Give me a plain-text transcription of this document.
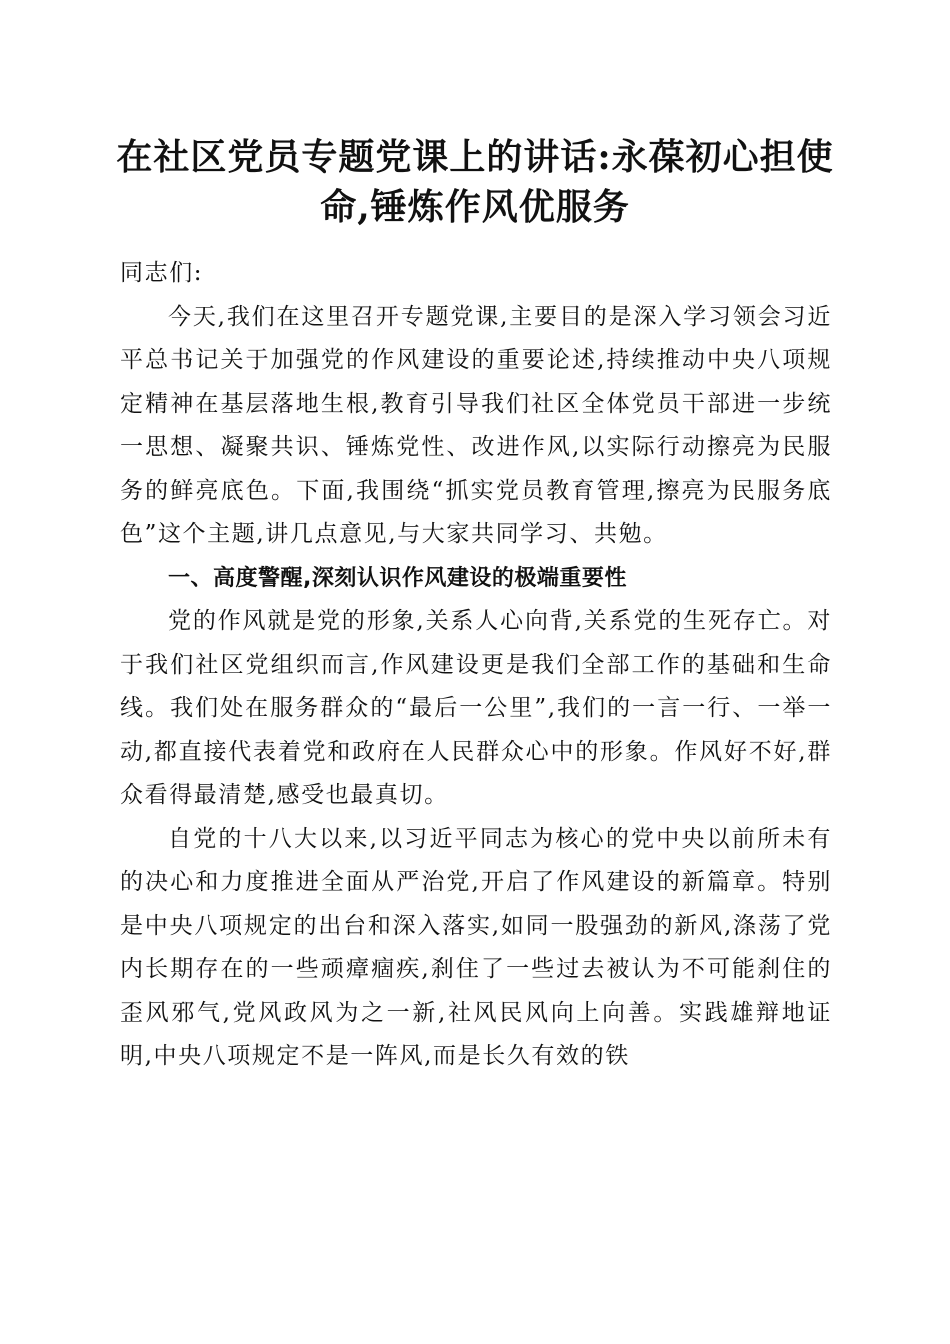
在社区党员专题党课上的讲话:永葆初心担使命,锤炼作风优服务

同志们:

今天,我们在这里召开专题党课,主要目的是深入学习领会习近平总书记关于加强党的作风建设的重要论述,持续推动中央八项规定精神在基层落地生根,教育引导我们社区全体党员干部进一步统一思想、凝聚共识、锤炼党性、改进作风,以实际行动擦亮为民服务的鲜亮底色。下面,我围绕“抓实党员教育管理,擦亮为民服务底色”这个主题,讲几点意见,与大家共同学习、共勉。

一、高度警醒,深刻认识作风建设的极端重要性

党的作风就是党的形象,关系人心向背,关系党的生死存亡。对于我们社区党组织而言,作风建设更是我们全部工作的基础和生命线。我们处在服务群众的“最后一公里”,我们的一言一行、一举一动,都直接代表着党和政府在人民群众心中的形象。作风好不好,群众看得最清楚,感受也最真切。

自党的十八大以来,以习近平同志为核心的党中央以前所未有的决心和力度推进全面从严治党,开启了作风建设的新篇章。特别是中央八项规定的出台和深入落实,如同一股强劲的新风,涤荡了党内长期存在的一些顽瘴痼疾,刹住了一些过去被认为不可能刹住的歪风邪气,党风政风为之一新,社风民风向上向善。实践雄辩地证明,中央八项规定不是一阵风,而是长久有效的铁
